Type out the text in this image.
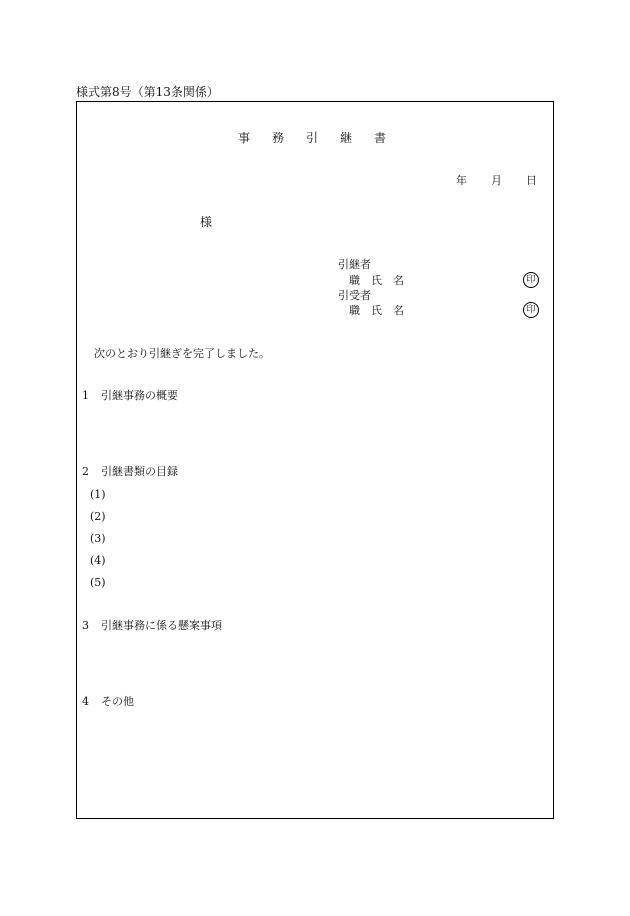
様式第8号（第13条関係）
事 務 引 継 書
年 月 日
様
引継者
職　氏　名	印
引受者
職　氏　名	印
次のとおり引継ぎを完了しました。
1 引継事務の概要
2 引継書類の目録
(1)
(2)
(3)
(4)
(5)
3 引継事務に係る懸案事項
4 その他
